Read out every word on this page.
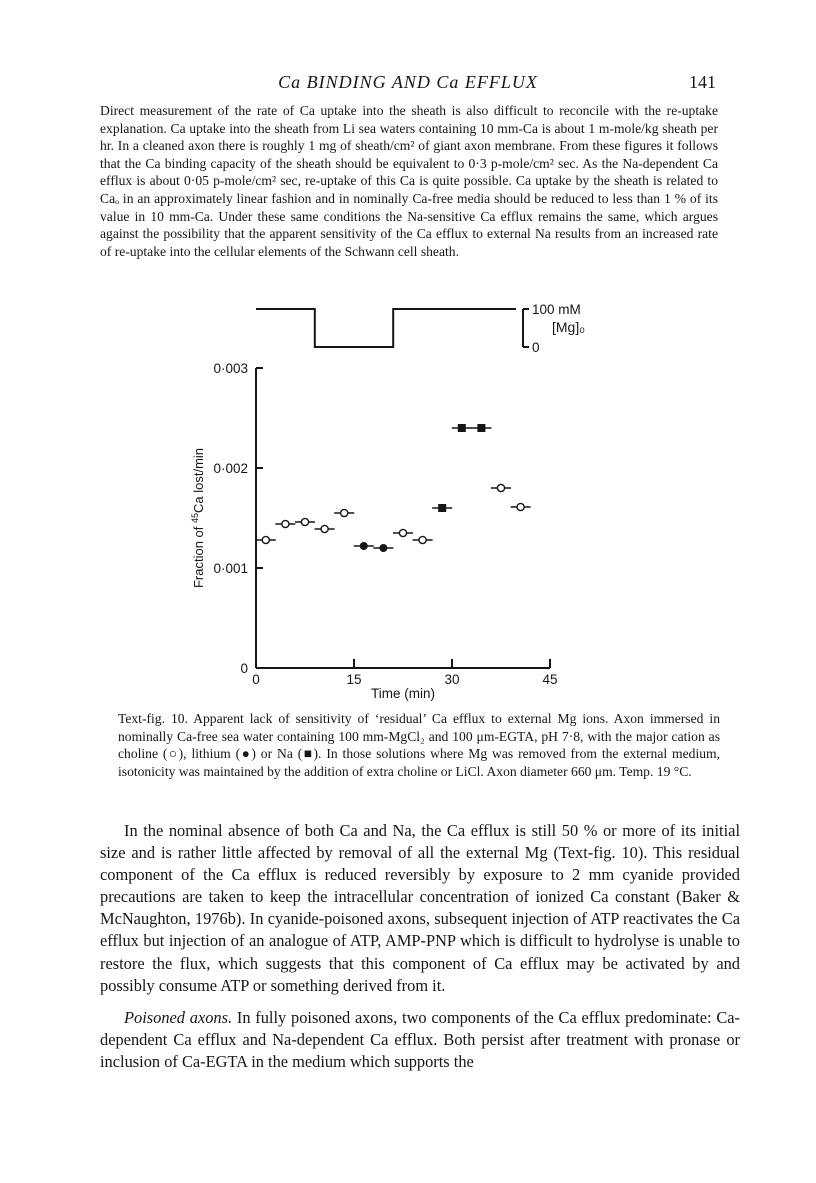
Ca BINDING AND Ca EFFLUX	141

Direct measurement of the rate of Ca uptake into the sheath is also difficult to reconcile with the re-uptake explanation. Ca uptake into the sheath from Li sea waters containing 10 mm-Ca is about 1 m-mole/kg sheath per hr. In a cleaned axon there is roughly 1 mg of sheath/cm² of giant axon membrane. From these figures it follows that the Ca binding capacity of the sheath should be equivalent to 0·3 p-mole/cm² sec. As the Na-dependent Ca efflux is about 0·05 p-mole/cm² sec, re-uptake of this Ca is quite possible. Ca uptake by the sheath is related to Caₒ in an approximately linear fashion and in nominally Ca-free media should be reduced to less than 1 % of its value in 10 mm-Ca. Under these same conditions the Na-sensitive Ca efflux remains the same, which argues against the possibility that the apparent sensitivity of the Ca efflux to external Na results from an increased rate of re-uptake into the cellular elements of the Schwann cell sheath.

100 mM
0
[Mg]₀
0
0·001
0·002
0·003
0	15	30	45
Fraction of $^{45}$Ca lost/min
Time (min)

Text-fig. 10. Apparent lack of sensitivity of ‘residual’ Ca efflux to external Mg ions. Axon immersed in nominally Ca-free sea water containing 100 mm-MgCl₂ and 100 μm-EGTA, pH 7·8, with the major cation as choline (○), lithium (●) or Na (■). In those solutions where Mg was removed from the external medium, isotonicity was maintained by the addition of extra choline or LiCl. Axon diameter 660 μm. Temp. 19 °C.

In the nominal absence of both Ca and Na, the Ca efflux is still 50 % or more of its initial size and is rather little affected by removal of all the external Mg (Text-fig. 10). This residual component of the Ca efflux is reduced reversibly by exposure to 2 mm cyanide provided precautions are taken to keep the intracellular concentration of ionized Ca constant (Baker & McNaughton, 1976b). In cyanide-poisoned axons, subsequent injection of ATP reactivates the Ca efflux but injection of an analogue of ATP, AMP-PNP which is difficult to hydrolyse is unable to restore the flux, which suggests that this component of Ca efflux may be activated by and possibly consume ATP or something derived from it.

Poisoned axons. In fully poisoned axons, two components of the Ca efflux predominate: Ca-dependent Ca efflux and Na-dependent Ca efflux. Both persist after treatment with pronase or inclusion of Ca-EGTA in the medium which supports the
